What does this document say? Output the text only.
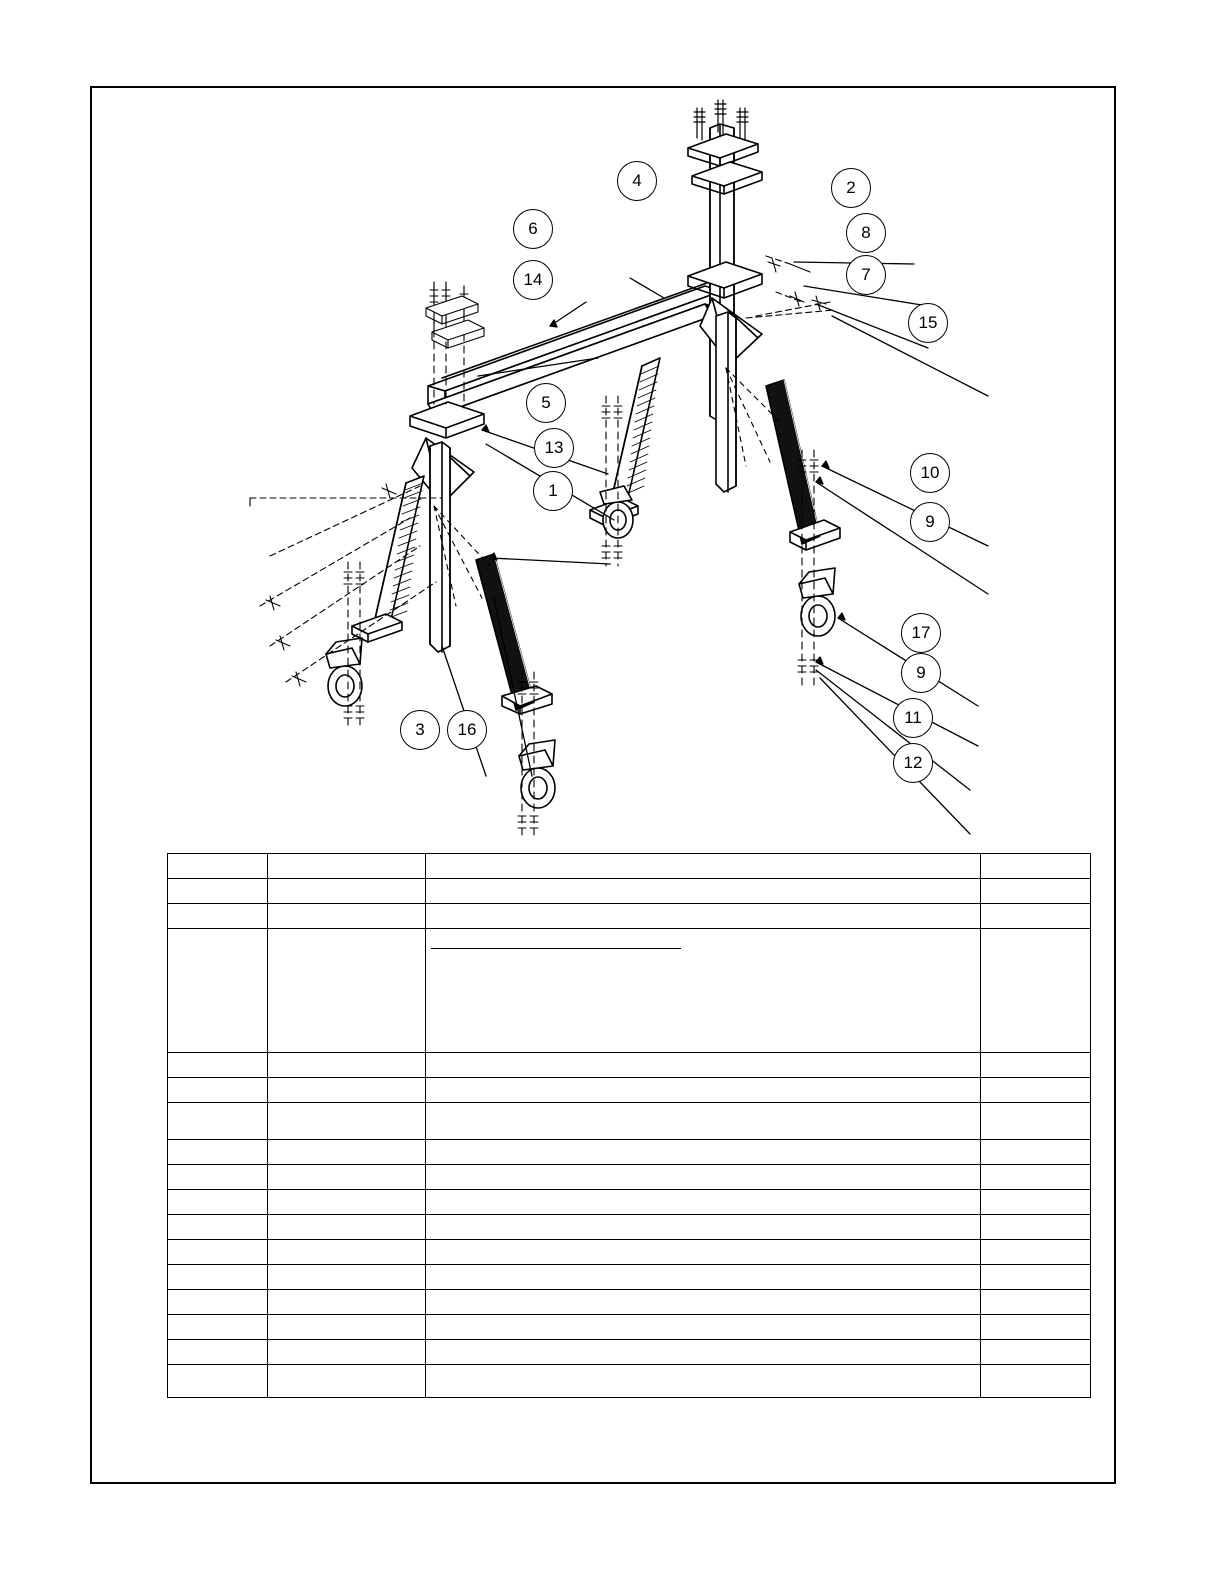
4	2
6	8
7
14
15
5
13
10
1
9
17
9
11
3	16
12
